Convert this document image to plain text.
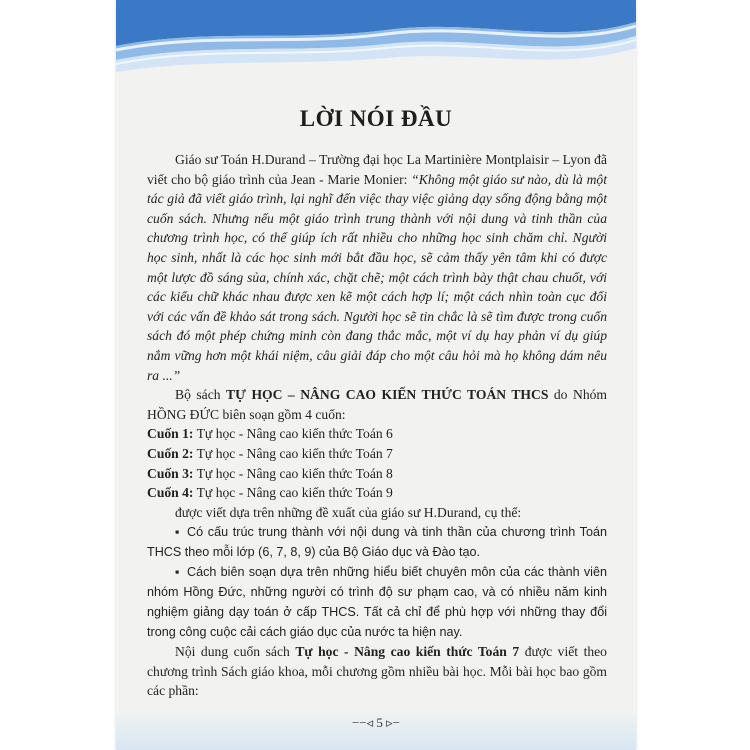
LỜI NÓI ĐẦU

Giáo sư Toán H.Durand – Trường đại học La Martinière Montplaisir – Lyon đã viết cho bộ giáo trình của Jean - Marie Monier: “Không một giáo sư nào, dù là một tác giả đã viết giáo trình, lại nghĩ đến việc thay việc giảng dạy sống động bằng một cuốn sách. Nhưng nếu một giáo trình trung thành với nội dung và tinh thần của chương trình học, có thể giúp ích rất nhiều cho những học sinh chăm chỉ. Người học sinh, nhất là các học sinh mới bắt đầu học, sẽ cảm thấy yên tâm khi có được một lược đồ sáng sủa, chính xác, chặt chẽ; một cách trình bày thật chau chuốt, với các kiểu chữ khác nhau được xen kẽ một cách hợp lí; một cách nhìn toàn cục đối với các vấn đề khảo sát trong sách. Người học sẽ tin chắc là sẽ tìm được trong cuốn sách đó một phép chứng minh còn đang thắc mắc, một ví dụ hay phản ví dụ giúp nắm vững hơn một khái niệm, câu giải đáp cho một câu hỏi mà họ không dám nêu ra ...”

Bộ sách TỰ HỌC – NÂNG CAO KIẾN THỨC TOÁN THCS do Nhóm HỒNG ĐỨC biên soạn gồm 4 cuốn:

Cuốn 1: Tự học - Nâng cao kiến thức Toán 6

Cuốn 2: Tự học - Nâng cao kiến thức Toán 7

Cuốn 3: Tự học - Nâng cao kiến thức Toán 8

Cuốn 4: Tự học - Nâng cao kiến thức Toán 9

được viết dựa trên những đề xuất của giáo sư H.Durand, cụ thể:

▪ Có cấu trúc trung thành với nội dung và tinh thần của chương trình Toán THCS theo mỗi lớp (6, 7, 8, 9) của Bộ Giáo dục và Đào tạo.

▪ Cách biên soạn dựa trên những hiểu biết chuyên môn của các thành viên nhóm Hồng Đức, những người có trình độ sư phạm cao, và có nhiều năm kinh nghiệm giảng dạy toán ở cấp THCS. Tất cả chỉ để phù hợp với những thay đổi trong công cuộc cải cách giáo dục của nước ta hiện nay.

Nội dung cuốn sách Tự học - Nâng cao kiến thức Toán 7 được viết theo chương trình Sách giáo khoa, mỗi chương gồm nhiều bài học. Mỗi bài học bao gồm các phần:

−−◃ 5 ▹−
